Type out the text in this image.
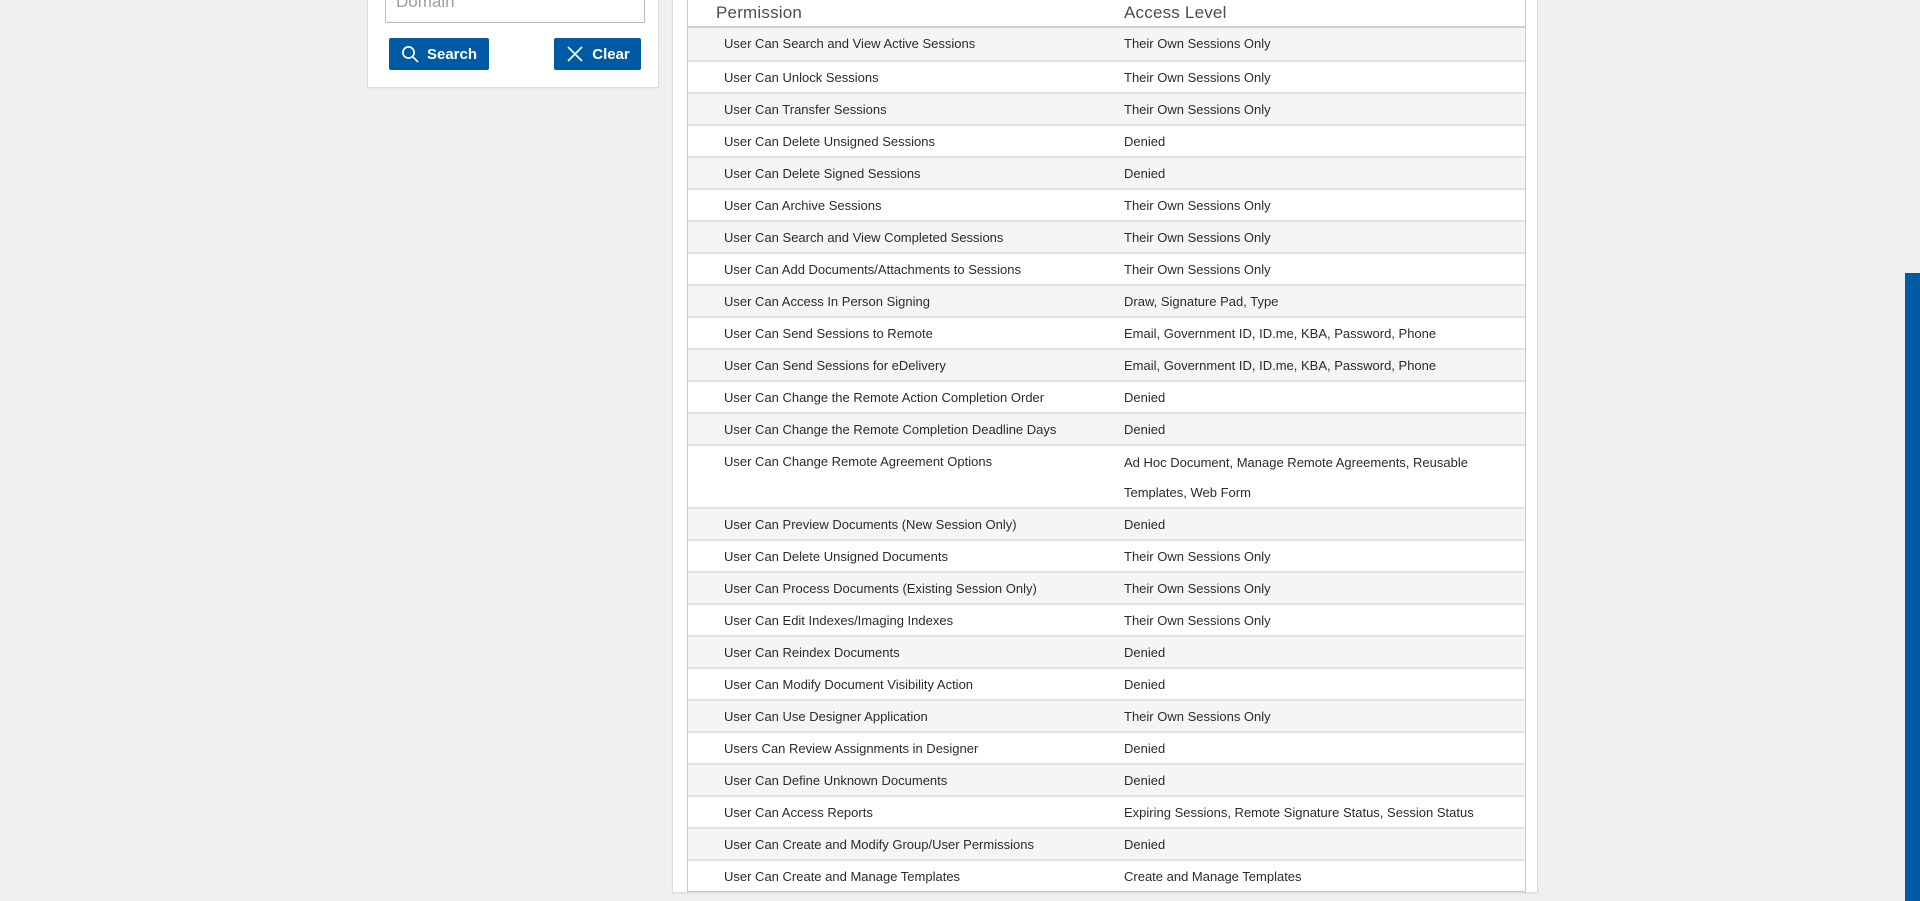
Domain
Search	Clear
Permission	Access Level
User Can Search and View Active Sessions	Their Own Sessions Only
User Can Unlock Sessions	Their Own Sessions Only
User Can Transfer Sessions	Their Own Sessions Only
User Can Delete Unsigned Sessions	Denied
User Can Delete Signed Sessions	Denied
User Can Archive Sessions	Their Own Sessions Only
User Can Search and View Completed Sessions	Their Own Sessions Only
User Can Add Documents/Attachments to Sessions	Their Own Sessions Only
User Can Access In Person Signing	Draw, Signature Pad, Type
User Can Send Sessions to Remote	Email, Government ID, ID.me, KBA, Password, Phone
User Can Send Sessions for eDelivery	Email, Government ID, ID.me, KBA, Password, Phone
User Can Change the Remote Action Completion Order	Denied
User Can Change the Remote Completion Deadline Days	Denied
User Can Change Remote Agreement Options	Ad Hoc Document, Manage Remote Agreements, Reusable Templates, Web Form
User Can Preview Documents (New Session Only)	Denied
User Can Delete Unsigned Documents	Their Own Sessions Only
User Can Process Documents (Existing Session Only)	Their Own Sessions Only
User Can Edit Indexes/Imaging Indexes	Their Own Sessions Only
User Can Reindex Documents	Denied
User Can Modify Document Visibility Action	Denied
User Can Use Designer Application	Their Own Sessions Only
Users Can Review Assignments in Designer	Denied
User Can Define Unknown Documents	Denied
User Can Access Reports	Expiring Sessions, Remote Signature Status, Session Status
User Can Create and Modify Group/User Permissions	Denied
User Can Create and Manage Templates	Create and Manage Templates
